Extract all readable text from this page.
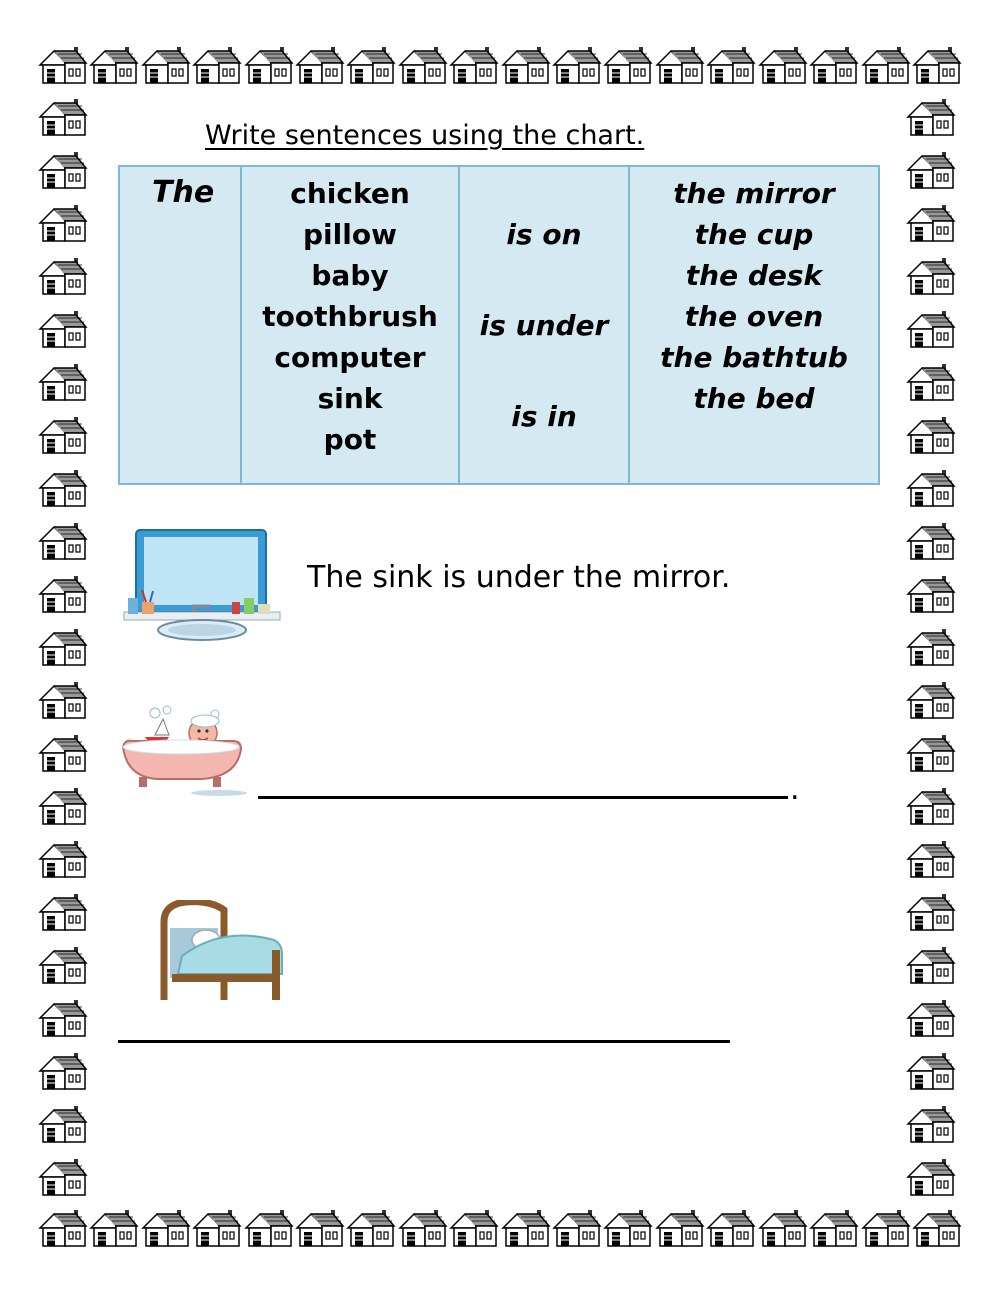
Write sentences using the chart.
The	chicken
pillow
baby
toothbrush
computer
sink
pot
is on
is under
is in
the mirror
the cup
the desk
the oven
the bathtub
the bed
The sink is under the mirror.
.
